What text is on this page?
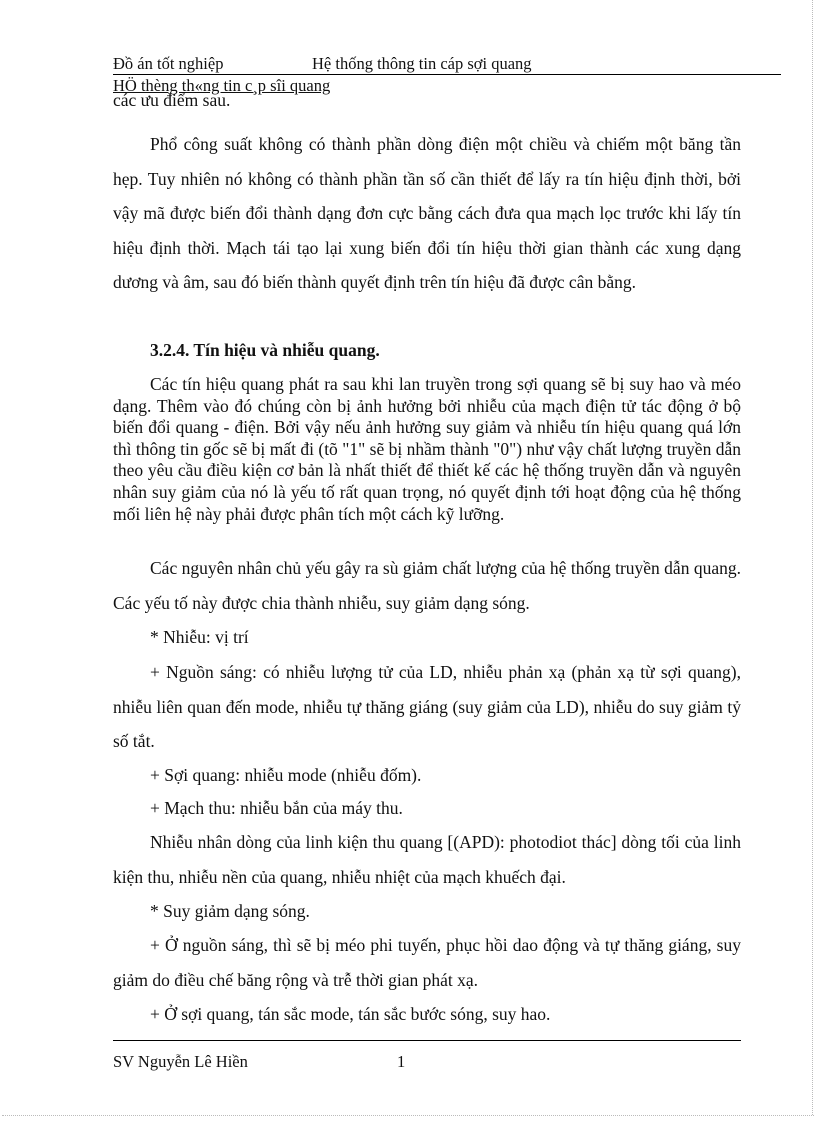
Đồ án tốt nghiệp	Hệ thống thông tin cáp sợi quang
HÖ thèng th«ng tin c¸p sîi quang

các ưu điểm sau.

Phổ công suất không có thành phần dòng điện một chiều và chiếm một băng tần hẹp. Tuy nhiên nó không có thành phần tần số cần thiết để lấy ra tín hiệu định thời, bởi vậy mã được biến đổi thành dạng đơn cực bằng cách đưa qua mạch lọc trước khi lấy tín hiệu định thời. Mạch tái tạo lại xung biến đổi tín hiệu thời gian thành các xung dạng dương và âm, sau đó biến thành quyết định trên tín hiệu đã được cân bằng.

3.2.4. Tín hiệu và nhiễu quang.

Các tín hiệu quang phát ra sau khi lan truyền trong sợi quang sẽ bị suy hao và méo dạng. Thêm vào đó chúng còn bị ảnh hưởng bởi nhiễu của mạch điện tử tác động ở bộ biến đổi quang - điện. Bởi vậy nếu ảnh hưởng suy giảm và nhiễu tín hiệu quang quá lớn thì thông tin gốc sẽ bị mất đi (tõ "1" sẽ bị nhầm thành "0") như vậy chất lượng truyền dẫn theo yêu cầu điều kiện cơ bản là nhất thiết để thiết kế các hệ thống truyền dẫn và nguyên nhân suy giảm của nó là yếu tố rất quan trọng, nó quyết định tới hoạt động của hệ thống mối liên hệ này phải được phân tích một cách kỹ lưỡng.

Các nguyên nhân chủ yếu gây ra sù giảm chất lượng của hệ thống truyền dẫn quang. Các yếu tố này được chia thành nhiễu, suy giảm dạng sóng.

* Nhiễu: vị trí

+ Nguồn sáng: có nhiễu lượng tử của LD, nhiễu phản xạ (phản xạ từ sợi quang), nhiễu liên quan đến mode, nhiễu tự thăng giáng (suy giảm của LD), nhiễu do suy giảm tỷ số tắt.

+ Sợi quang: nhiễu mode (nhiễu đốm).

+ Mạch thu: nhiễu bắn của máy thu.

Nhiễu nhân dòng của linh kiện thu quang [(APD): photodiot thác] dòng tối của linh kiện thu, nhiễu nền của quang, nhiễu nhiệt của mạch khuếch đại.

* Suy giảm dạng sóng.

+ Ở nguồn sáng, thì sẽ bị méo phi tuyến, phục hồi dao động và tự thăng giáng, suy giảm do điều chế băng rộng và trễ thời gian phát xạ.

+ Ở sợi quang, tán sắc mode, tán sắc bước sóng, suy hao.

SV Nguyễn Lê Hiền	1
